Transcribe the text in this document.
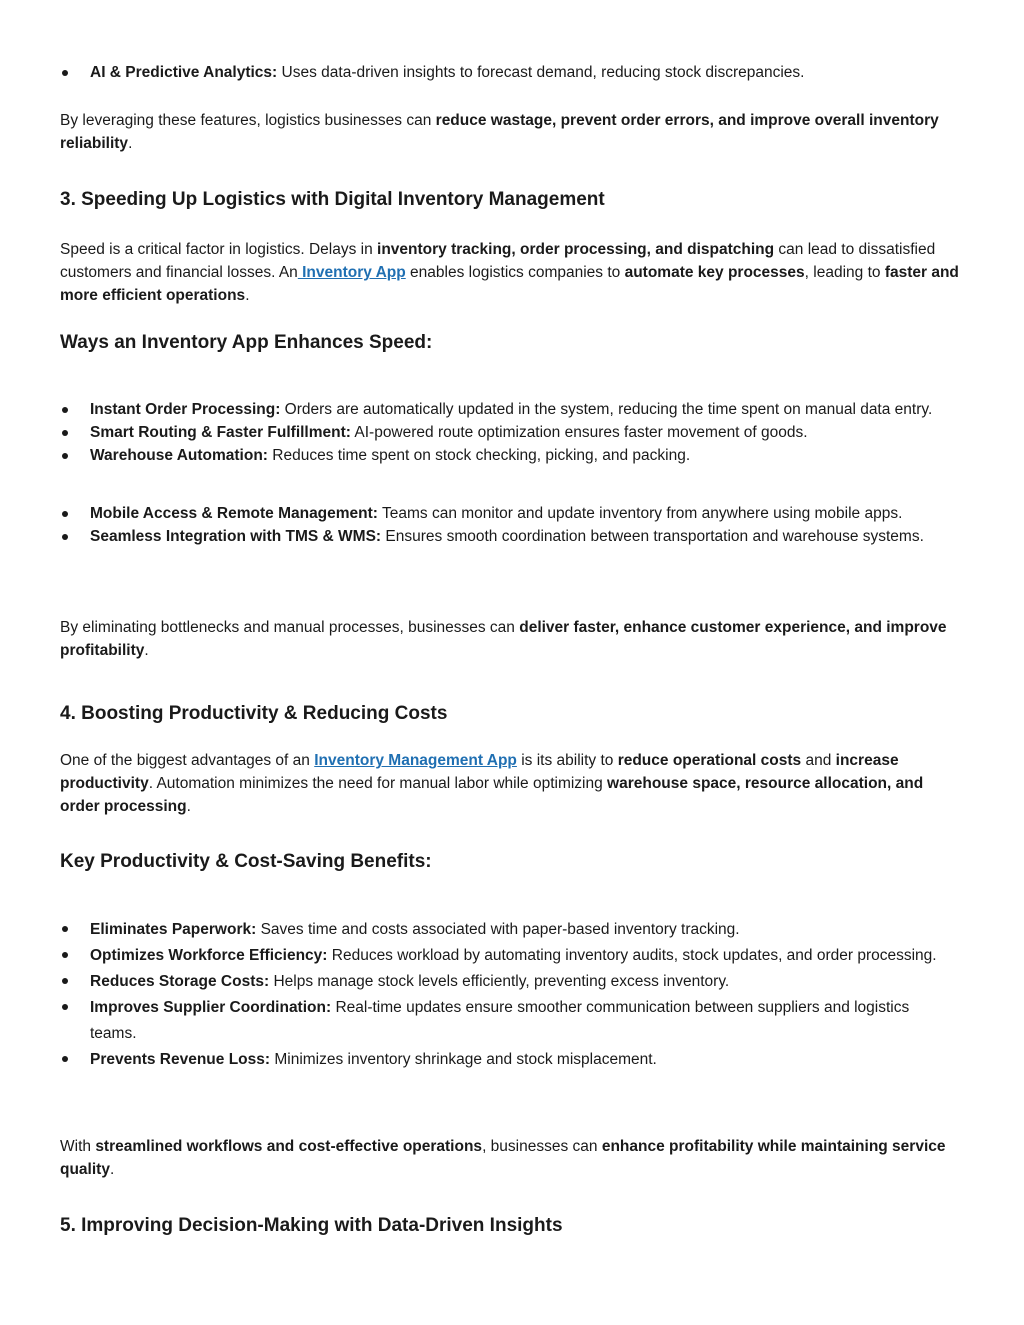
AI & Predictive Analytics: Uses data-driven insights to forecast demand, reducing stock discrepancies.

By leveraging these features, logistics businesses can reduce wastage, prevent order errors, and improve overall inventory reliability.

3. Speeding Up Logistics with Digital Inventory Management

Speed is a critical factor in logistics. Delays in inventory tracking, order processing, and dispatching can lead to dissatisfied customers and financial losses. An Inventory App enables logistics companies to automate key processes, leading to faster and more efficient operations.

Ways an Inventory App Enhances Speed:
Instant Order Processing: Orders are automatically updated in the system, reducing the time spent on manual data entry.
Smart Routing & Faster Fulfillment: AI-powered route optimization ensures faster movement of goods.
Warehouse Automation: Reduces time spent on stock checking, picking, and packing.
Mobile Access & Remote Management: Teams can monitor and update inventory from anywhere using mobile apps.
Seamless Integration with TMS & WMS: Ensures smooth coordination between transportation and warehouse systems.

By eliminating bottlenecks and manual processes, businesses can deliver faster, enhance customer experience, and improve profitability.

4. Boosting Productivity & Reducing Costs

One of the biggest advantages of an Inventory Management App is its ability to reduce operational costs and increase productivity. Automation minimizes the need for manual labor while optimizing warehouse space, resource allocation, and order processing.

Key Productivity & Cost-Saving Benefits:
Eliminates Paperwork: Saves time and costs associated with paper-based inventory tracking.
Optimizes Workforce Efficiency: Reduces workload by automating inventory audits, stock updates, and order processing.
Reduces Storage Costs: Helps manage stock levels efficiently, preventing excess inventory.
Improves Supplier Coordination: Real-time updates ensure smoother communication between suppliers and logistics teams.
Prevents Revenue Loss: Minimizes inventory shrinkage and stock misplacement.

With streamlined workflows and cost-effective operations, businesses can enhance profitability while maintaining service quality.

5. Improving Decision-Making with Data-Driven Insights
